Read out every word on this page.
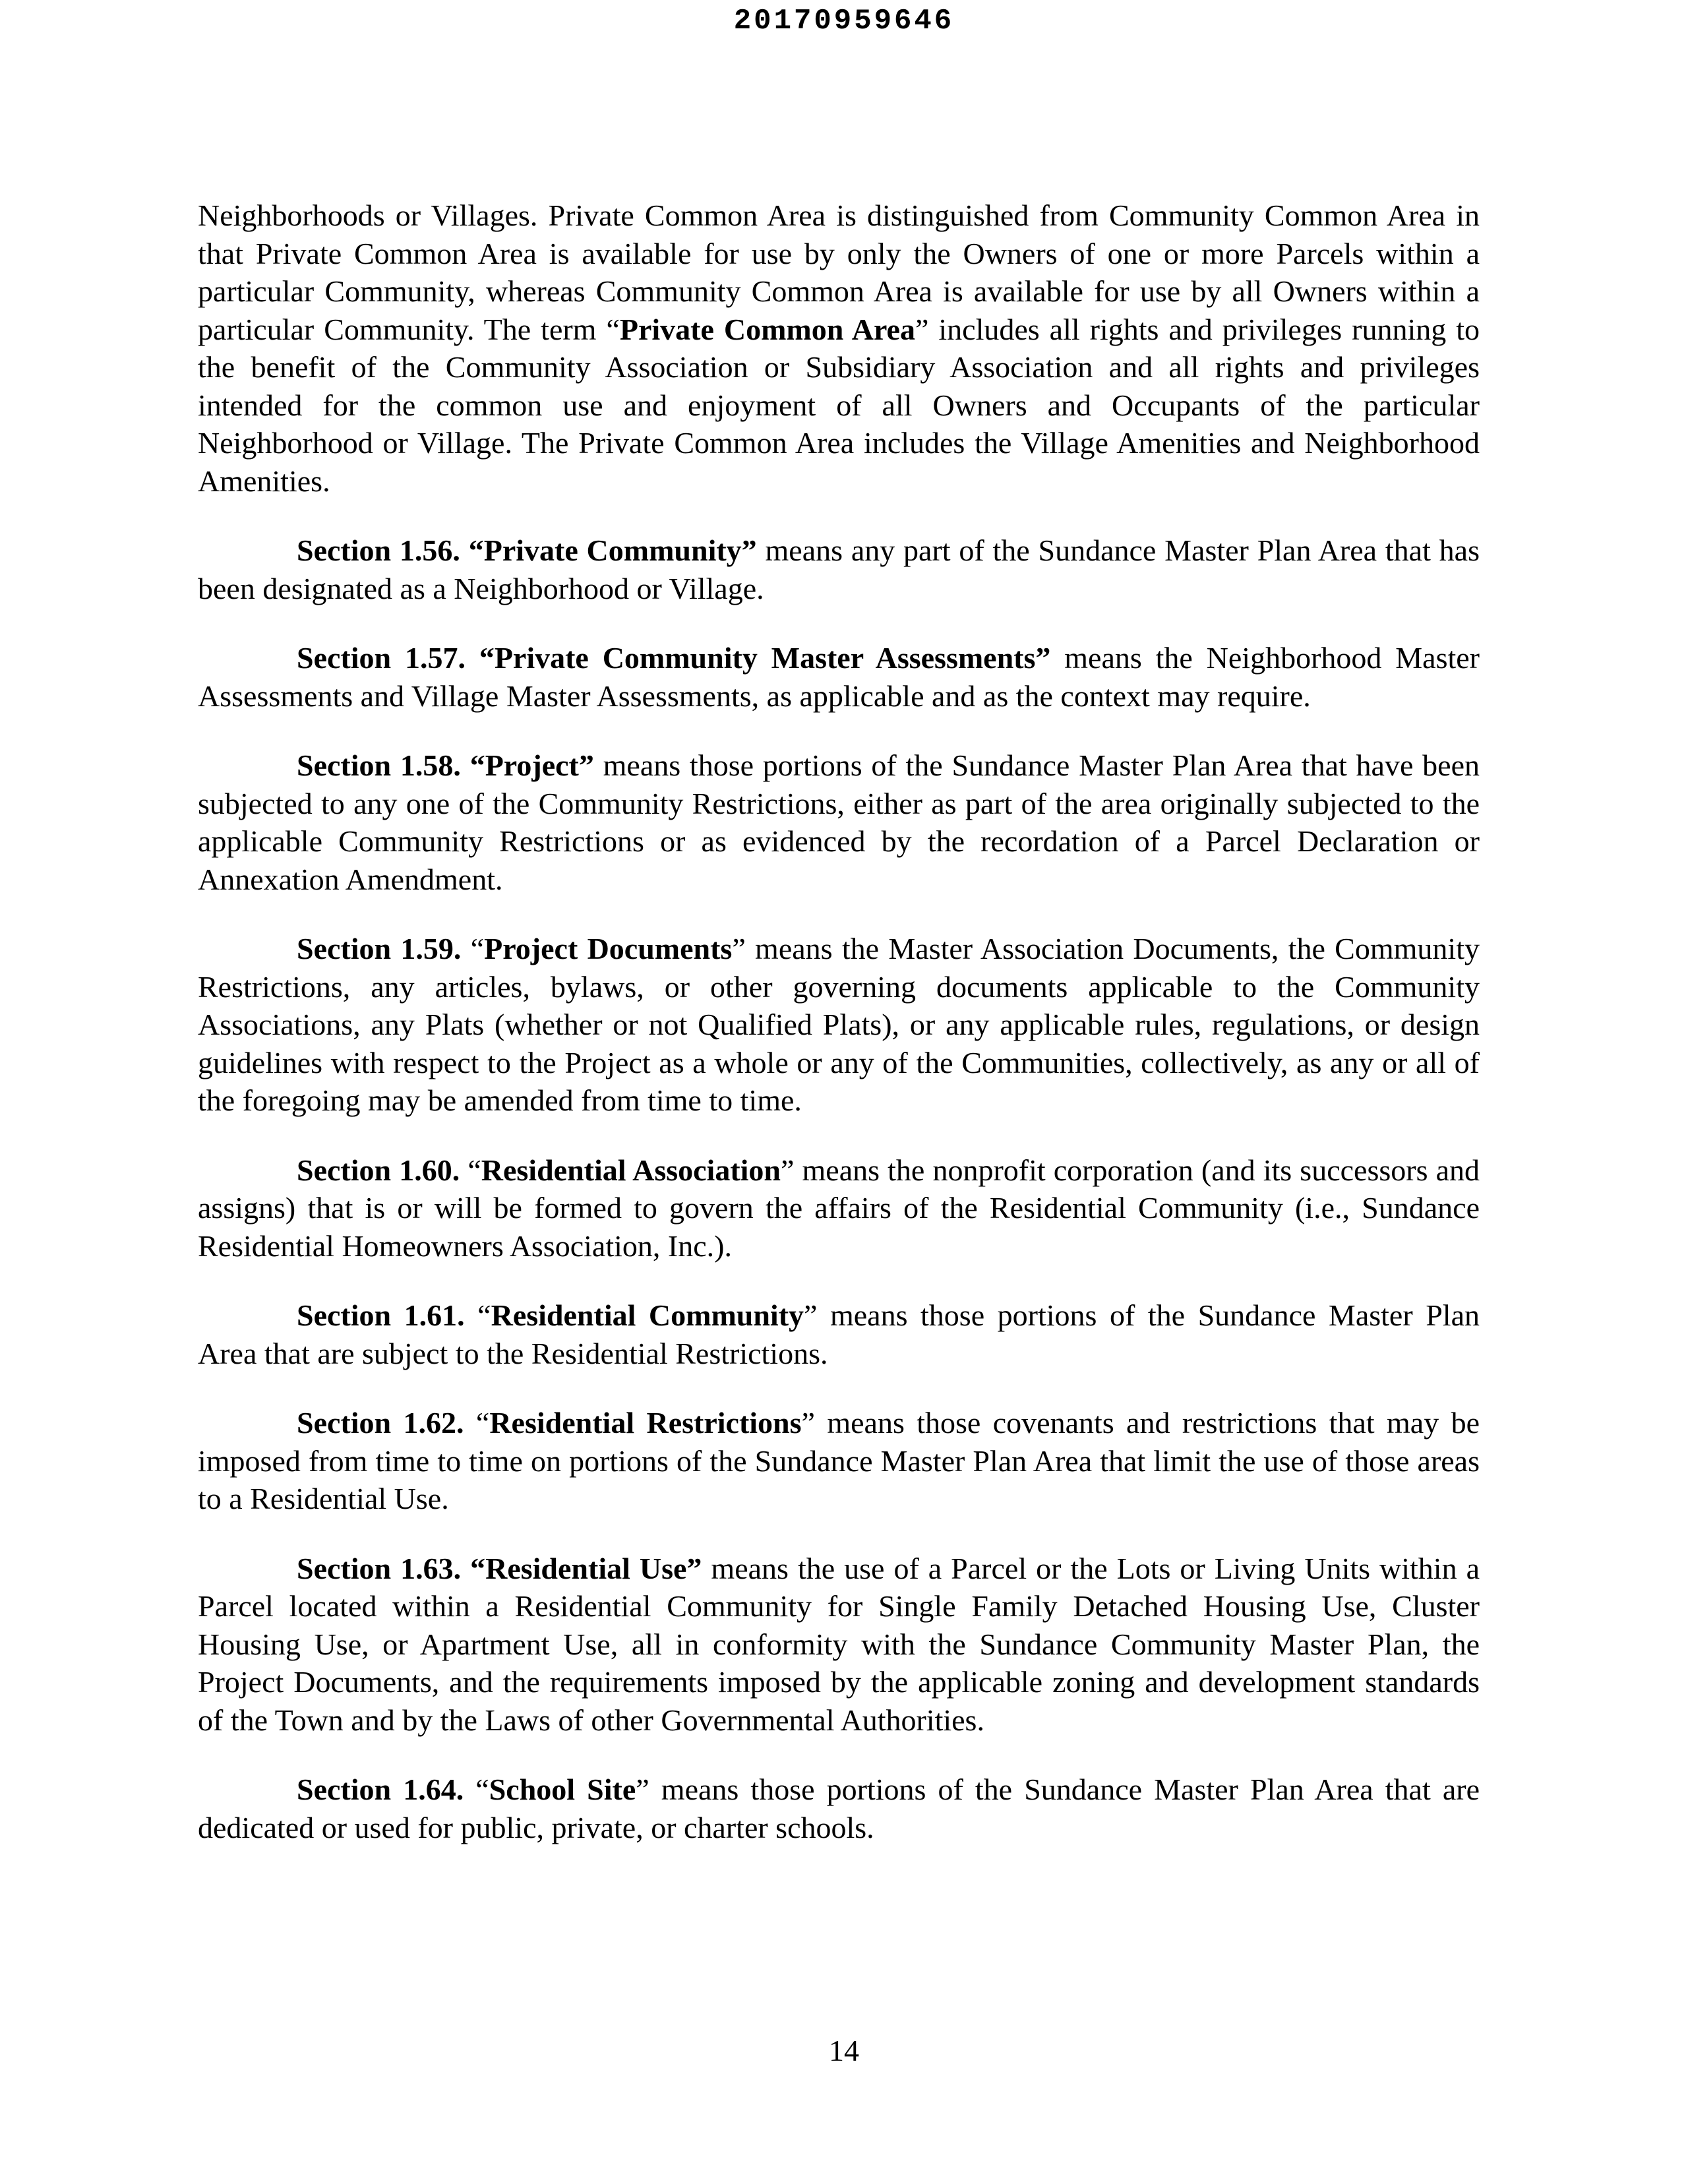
20170959646

Neighborhoods or Villages. Private Common Area is distinguished from Community Common Area in that Private Common Area is available for use by only the Owners of one or more Parcels within a particular Community, whereas Community Common Area is available for use by all Owners within a particular Community. The term “Private Common Area” includes all rights and privileges running to the benefit of the Community Association or Subsidiary Association and all rights and privileges intended for the common use and enjoyment of all Owners and Occupants of the particular Neighborhood or Village. The Private Common Area includes the Village Amenities and Neighborhood Amenities.

Section 1.56. “Private Community” means any part of the Sundance Master Plan Area that has been designated as a Neighborhood or Village.

Section 1.57. “Private Community Master Assessments” means the Neighborhood Master Assessments and Village Master Assessments, as applicable and as the context may require.

Section 1.58. “Project” means those portions of the Sundance Master Plan Area that have been subjected to any one of the Community Restrictions, either as part of the area originally subjected to the applicable Community Restrictions or as evidenced by the recordation of a Parcel Declaration or Annexation Amendment.

Section 1.59. “Project Documents” means the Master Association Documents, the Community Restrictions, any articles, bylaws, or other governing documents applicable to the Community Associations, any Plats (whether or not Qualified Plats), or any applicable rules, regulations, or design guidelines with respect to the Project as a whole or any of the Communities, collectively, as any or all of the foregoing may be amended from time to time.

Section 1.60. “Residential Association” means the nonprofit corporation (and its successors and assigns) that is or will be formed to govern the affairs of the Residential Community (i.e., Sundance Residential Homeowners Association, Inc.).

Section 1.61. “Residential Community” means those portions of the Sundance Master Plan Area that are subject to the Residential Restrictions.

Section 1.62. “Residential Restrictions” means those covenants and restrictions that may be imposed from time to time on portions of the Sundance Master Plan Area that limit the use of those areas to a Residential Use.

Section 1.63. “Residential Use” means the use of a Parcel or the Lots or Living Units within a Parcel located within a Residential Community for Single Family Detached Housing Use, Cluster Housing Use, or Apartment Use, all in conformity with the Sundance Community Master Plan, the Project Documents, and the requirements imposed by the applicable zoning and development standards of the Town and by the Laws of other Governmental Authorities.

Section 1.64. “School Site” means those portions of the Sundance Master Plan Area that are dedicated or used for public, private, or charter schools.

14
